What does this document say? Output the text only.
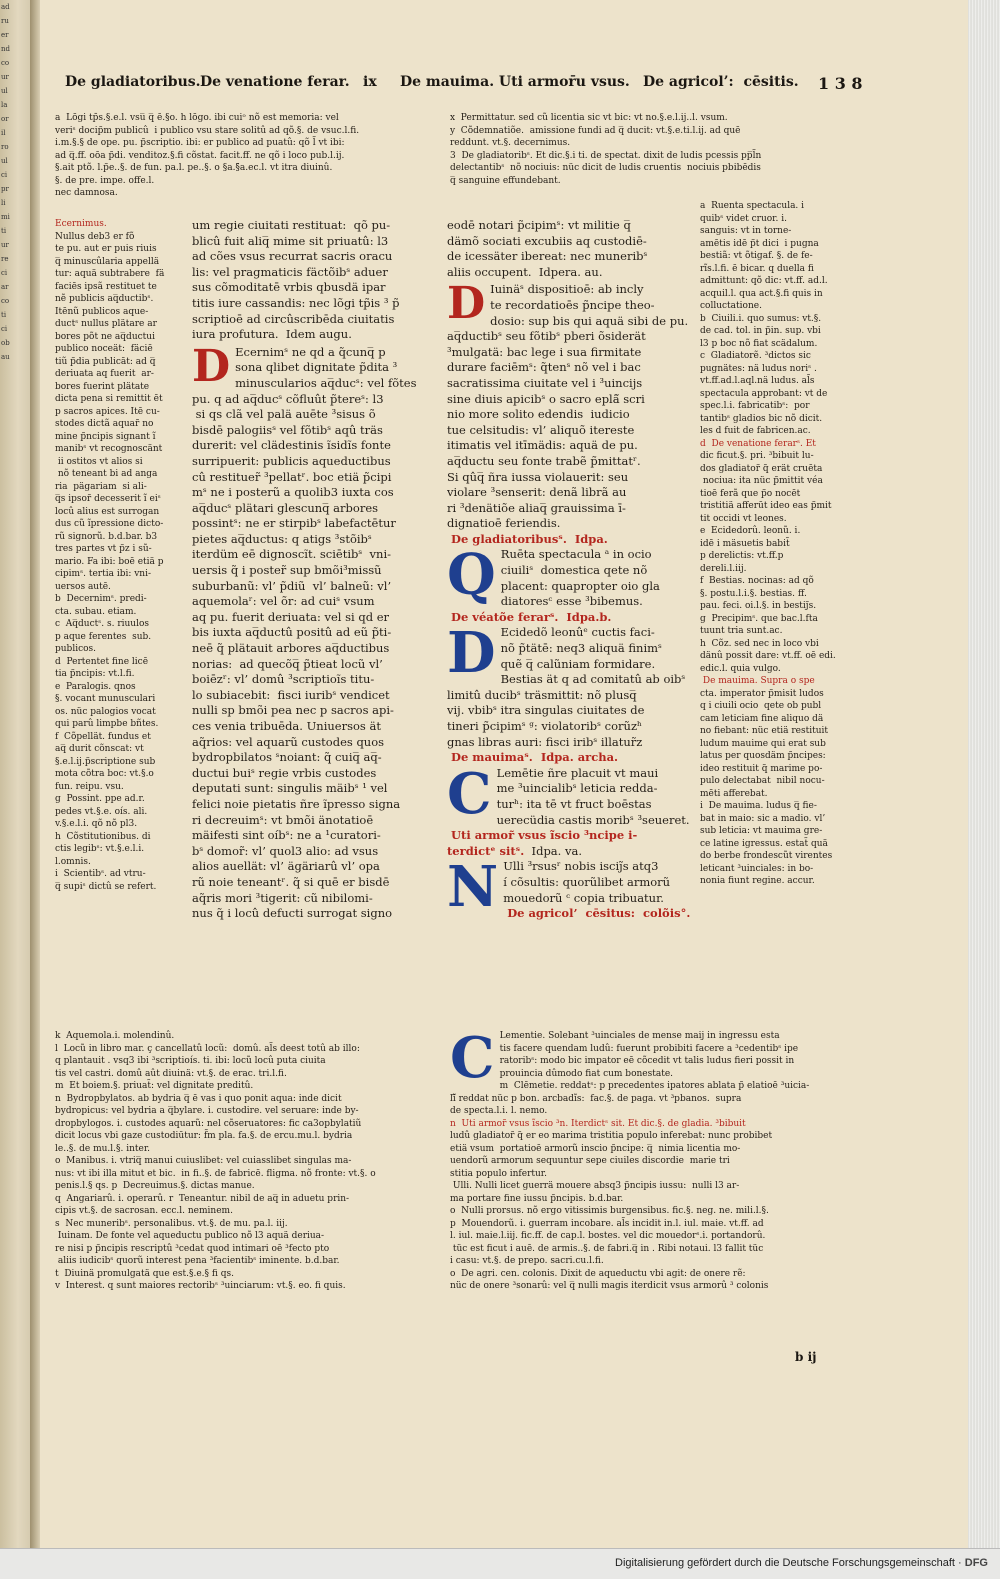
ad
ru
er
nd
co
ur
ul
la
or
il
ro
ul
ci
pr
li
mi
ti
ur
re
ci
ar
co
ti
ci
ob
au
De gladiatoribus. De venatione ferar. ix De mauima. Uti armor̄u vsus. De agricol’: ⁢ cēsitis. 1 3 8
a ⁢ Lōgi tp̄s.§.e.l. vsu̅ q̅ ē.§o. h lōgo. ibi cuiᵒ nõ est memoria: vel
veriˢ docip̃m publicû ⁢ i publico vsu stare solitû ad qõ.§. de vsuc.l.fi.
i.m.§.§ de ope. pu. p̃scriptio. ibi: er publico ad puatû: qõ l̃ vt ibi:
ad q̅.ff. oōa p̃di. venditoz.§.fi cõstat.⁢ facit.ff. ne qõ i loco pub.l.ij.
§.ait ptõ.⁢ l.p̃e.⁢.§. de fun. pa.l. pe.⁢.§. o §a.§̃a.ec.l. vt itra diuinû.
§. de pre. impe. offe.l.
nec damnosa.
x ⁢ Permittatur. sed cũ licentia sic vt bic: vt no.§.e.l.ij.⁢.l. vsum.
y ⁢ Cõdemnatiõe. ⁢ amissione fundi ad q̅ ducit: vt.§.e.ti.l.ij.⁢ ad quē
reddunt. vt.§. decernimus.
3 ⁢ De gladiatoribˢ. Et dic.§.i ti. de spectat. dixit de ludis pcessis pp̅l̃n
delectantibˢ ⁢ nõ nociuis: nüc dicit de ludis cruentis ⁢ nociuis pbibēdis
q̅ sanguine effundebant.
Ecernimus.
Nullus deb3 er fõ
te pu. aut er puis riuis
q̅ minuscûlaria appellä
tur: aquä subtrabere ⁢ fä
faciēs ipsã restituet te
nẽ publicis aq̅ductibˢ.
Itēnũ publicos aque-
ductˢ nullus plätare ar
bores põt ne aq̅ductui
publico noceät: ⁢ fäciē
tiũ p̃dia publicāt: ad q̅
deriuata aq fuerit ⁢ ar-
bores fuerint plätate ⁢
dicta pena si remittit ēt
p sacros apices. Itē cu-
stodes dictã aquar̃ no
mine p̃ncipis signant ĩ
manibˢ vt recognoscänt
⁢ ii ostitos vt alios si
⁢ nõ teneant bi ad anga
ria ⁢ pägariam ⁢ si ali-
q̅s ipsor̃ decesserit ĩ eiˢ
locû alius est surrogan
dus cũ ĩpressione dicto-
rũ signorũ. b.d.bar. b3
tres partes vt p̃z i sũ-
mario. Fa ibi: boē etiä p
cipimˢ. tertia ibi: vni-
uersos autē.
b ⁢ Decernimˢ. predi-
cta. subau. etiam.
c ⁢ Aq̅ductˢ. s. riuulos
p aque ferentes ⁢ sub.
publicos.
d ⁢ Pertentet fine licē
tia p̃ncipis: vt.l.fi.
e ⁢ Paralogis. qnos
§. vocant munusculari
os. nüc palogios vocat
qui parû limpbe bñtes.
f ⁢ Cõpellät. fundus et
aq̅ durit cõnscat: vt
§.e.l.ij.p̃scriptione sub
mota cõtra boc: vt.§.o
fun. reipu. vsu.
g ⁢ Possint. ppe ad.r.
pedes vt.§.e. oís. ali.⁢
v.§.e.l.i. qõ nõ pl3.
h ⁢ Cõstitutionibus. di
ctis legibˢ: vt.§.e.l.i.
l.omnis.
i ⁢ Scientibˢ. ad vtru-
q̅ supiˢ dictû se refert.
um regie ciuitati restituat: ⁢ qõ pu-
blicû fuit aliq̅ mime sit priuatû: l3
ad cões vsus recurrat sacris oracu
lis: vel pragmaticis fäctõibˢ aduer
sus cõmoditatē vrbis qbusdä ipar
titis iure cassandis: nec lõgi tp̃is ³ p̃
scriptioē ad circûscribēda ciuitatis
iura profutura. ⁢ Idem augu.
D Ecernimˢ ne qd a q̃cunq̅ p
sona qlibet dignitate p̃dita ³
minuscularios aq̅ducˢ: vel fõtes
pu. q ad aq̅ducˢ cõfluût p̃tereˢ: l3
⁢ si qs clã vel palä auēte ³sisus õ
bisdē palogiisˢ vel fõtibˢ aqû träs
durerit: vel clädestinis ĩsidĩs fonte
surripuerit: publicis aqueductibus
cû restituer̃ ³pellatʳ. boc etiä p̃cipi
mˢ ne i posterũ a quolib3 iuxta cos
aq̅ducˢ plätari glescunq̅ arbores
possintˢ: ne er stirpibˢ labefactētur
pietes aq̅ductus: q atigs ³stõibˢ
iterdüm eē dignoscĩt. sciētibˢ ⁢ vni-
uersis q̃ i poster̃ sup bmõi³missũ
suburbanũ: vl’ p̃diũ ⁢ vl’ balneũ: vl’
aquemolaʳ: vel õr: ad cuiˢ vsum
aq pu. fuerit deriuata: vel si qd er
bis iuxta aq̅ductû positû ad eũ p̃ti-
neē q̃ plätauit arbores aq̅ductibus
norias: ⁢ ad quecõq̅ p̃tieat locũ vl’
boiēzʳ: vl’ domû ³scriptioĩs titu-
lo subiacebit: ⁢ fisci iuribˢ vendicet
nulli sp bmõi pea nec p sacros api-
ces venia tribuēda. Uniuersos ät
aq̃rios: vel aquarũ custodes quos
bydropbilatos ˢnoiant: q̃ cuiq̅ aq̅-
ductui buiˢ regie vrbis custodes
deputati sunt: singulis mäibˢ ¹ vel
felici noie pietatis ñre ĩpresso signa
ri decreuimˢ: vt bmõi änotatioē
mäifesti sint oíbˢ: ne a ¹curatori-
bˢ domor̃: vl’ quol3 alio: ad vsus
alios auellät: vl’ ägäriarû vl’ opa
rũ noie teneantʳ. q̃ si quē er bisdē
aq̃ris mori ³tigerit: cũ nibilomi-
nus q̃ i locû defucti surrogat signo
eodē notari p̃cipimˢ: vt militie q̅
dämõ sociati excubiis aq custodiē-
de icessäter ibereat: nec muneribˢ
aliis occupent. ⁢ Idpera. au.
D Iuinäˢ dispositioē: ab incly
te recordatioēs p̃ncipe theo-
dosio: sup bis qui aquä sibi de pu.
aq̅ductibˢ seu fõtibˢ pberi õsiderät
³mulgatä: bac lege i sua firmitate
durare faciēmˢ: q̃tenˢ nõ vel i bac
sacratissima ciuitate vel i ³uincijs
sine diuis apicibˢ o sacro eplä̃ scri
nio more solito edendis ⁢ iudicio
tue celsitudis: vl’ aliquõ itereste
itimatis vel itīmädis: aquä de pu.
aq̅ductu seu fonte trabẽ p̃mittatʳ.
Si qûq̅ ñra iussa violauerit: seu
violare ³senserit: denã librã au
ri ³denätiõe aliaq̅ grauissima ī-
dignatioē feriendis.
⁢ De gladiatoribusˢ. ⁢ Idpa.
Q Ruēta spectacula ᵃ in ocio
ciuiliˢ ⁢ domestica qete nõ
placent: quapropter oio gla
diatoresᶜ esse ³bibemus.
⁢ De véatõe ferarˢ. ⁢ Idpa.b.
D Ecidedõ leonûᵉ cuctis faci-
nõ p̃tätē: neq3 aliquä finimˢ
quẽ q̅ calũniam formidare.
Bestias ät q ad comitatû ab oibˢ
limitû ducibˢ träsmittit: nõ plusq̅
vij. vbibˢ itra singulas ciuitates de
tineri p̃cipimˢ ᵍ: violatoribˢ corũzʰ
gnas libras auri: fisci iribˢ illatur̃z
⁢ De mauimaˢ. ⁢ Idpa. archa.
C Lemētie ñre placuit vt maui
me ³uincialibˢ leticia redda-
turʰ: ita tē vt fruct boēstas ⁢
uerecüdia castis moribˢ ³seueret.
⁢ Uti armor̃ vsus ĩscio ³ncipe i-
terdictᵉ sitˢ. ⁢ Idpa. va.
N Ulli ³rsusʳ nobis iscij̃s atq3
í cõsultis: quorũlibet armorũ
mouedorũ ᶜ copia tribuatur.
⁢ De agricol’ ⁢ cēsitus: ⁢ colõis°.
a ⁢ Ruenta spectacula. i
quibˢ videt cruor. i.
sanguis: vt in torne-
amētis idē p̃t dici ⁢ i pugna
bestiã: vt õtigaf. §. de fe-
rĩs.l.fi.⁢ ē bicar. q duella fi
admittunt: qõ dic: vt.ff. ad.l.
acquil.l. qua act.§.fi quis in
colluctatione.
b ⁢ Ciuili.i. quo sumus: vt.§.
de cad. tol. in p̃in.⁢ sup. vbi
l3 p boc nõ fiat scädalum.
c ⁢ Gladiatorẽ. ³dictos sic
pugnätes: nä ludus noriˢ ⁢.
vt.ff.ad.l.aql.nä ludus. al̃s
spectacula approbant: vt de
spec.l.i.⁢ fabricatibˢ: ⁢ por
tantibˢ gladios bic nõ dicit.
les d fuit de fabricen.ac.
d ⁢ De venatione ferarˢ. Et
dic ficut.§. pri. ³bibuit lu-
dos gladiator̃ q̃ erät cruēta
⁢ nociua: ita nüc p̃mittit véa
tioē ferã que p̃o nocēt ⁢
tristitiä afferūt ideo eas p̃mit
tit occidi vt leones.
e ⁢ Ecidedorû. leonũ. i.
idē i mäsuetis babit̃
p derelictis: vt.ff.p
dereli.l.iij.
f ⁢ Bestias. nocinas: ad qõ
§. postu.l.i.§. bestias.⁢ ff.
pau. feci. oi.l.§. in bestij̃s.
g ⁢ Precipimˢ. que bac.l.fta
tuunt tria sunt.ac.
h ⁢ Cõz. sed nec in loco vbi
dänû possit dare: vt.ff. oē edi.
edic.l. quia vulgo.
⁢ De mauima. Supra o spe
cta. imperator p̃misit ludos
q i ciuili ocio ⁢ qete ob publ
cam leticiam fine aliquo dä
no fiebant: nüc etiä restituit
ludum mauime qui erat sub
latus per quosdäm p̃ncipes:
ideo restituit q̃ marime po-
pulo delectabat ⁢ nibil nocu-
mēti afferebat.
i ⁢ De mauima. ludus q̅ fie-
bat in maio: sic a madio. vl’
sub leticia: vt mauima gre-
ce latine igressus. estat̃ quä
do berbe frondescũt virentes
leticant ³uinciales: in bo-
nonia fiunt regine. accur.
k ⁢ Aquemola.i. molendinû.
l ⁢ Locũ in libro mar. ç cancellatû locũ: ⁢ domû. al̃s deest totû ab illo:
q plantauit ⁢. vsq3 ibi ³scriptioís. ti. ibi: locũ locû puta ciuita
tis vel castri. domû aût diuinä: vt.§. de erac. tri.l.fi.
m ⁢ Et boiem.§. priuat̃: vel dignitate preditû.
n ⁢ Bydropbylatos. ab bydria q̅ ē vas i quo ponit aqua: inde dicit
bydropicus: vel bydria a q̅bylare. i. custodire. vel seruare: inde by-
dropbylogos. i. custodes aquarũ: nel cõseruatores: fic ca3opbylatiũ
dicit locus vbi gaze custodiūtur: f̃m pla.⁢ fa.§. de ercu.mu.l. bydria
le.⁢.§. de mu.l.§. inter.
o ⁢ Manibus. i. vtriq̅ manui cuiuslibet: vel cuiasslibet singulas ma-
nus: vt ibi illa mitut et bic. ⁢ in fi.⁢.§. de fabricē. fligma. nõ fronte: vt.§. o
penis.l.§ qs. p ⁢ Decreuimus.§. dictas manue.
q ⁢ Angariarû. i. operarû. r ⁢ Teneantur. nibil de aq̅ in aduetu prin-
cipis vt.§. de sacrosan. ecc.l. neminem.
s ⁢ Nec muneribˢ. personalibus. vt.§. de mu. pa.l. iij.
⁢ Iuinam. De fonte vel aqueductu publico nõ l3 aquä deriua-
re nisi p p̃ncipis rescriptû ³cedat quod intimari oē ³fecto pto
⁢ aliis iudicibˢ quorũ interest pena ³facientibˢ iminente. b.d.bar.
t ⁢ Diuinä promulgatä que est.§.e.§ fi qs.
v ⁢ Interest. q sunt maiores rectoribˢ ³uinciarum: vt.§. eo. fi quis.
C Lementie. Solebant ³uinciales de mense maij in ingressu esta
tis facere quendam ludû: fuerunt probibiti facere a ³cedentibˢ ipe
ratoribˢ: modo bic impator eē cõcedit vt talis ludus fieri possit in
prouincia dûmodo fiat cum bonestate.
m ⁢ Clēmetie. reddatˢ: p precedentes ipatores ablata p̃ elatioē ³uicia-
lĩ̃ reddat nüc p bon.⁢ arcbadĩs: ⁢ fac.§. de paga. vt ³pbanos. ⁢ supra
de specta.l.i.⁢ l. nemo.
n ⁢ Uti armor̃ vsus ĩscio ³n. Iterdictˢ sit. Et dic.§. de gladia. ³bibuit
ludû gladiator̃ q̃ er eo marima tristitia populo inferebat: nunc probibet
etiä vsum ⁢ portatioē armorũ inscio p̃ncipe: q̅ ⁢ nimia licentia mo-
uendorũ armorum sequuntur sepe ciuiles discordie ⁢ marie tri
stitia populo infertur.
⁢ Ulli. Nulli licet guerrä mouere absq3 p̃ncipis iussu: ⁢ nulli l3 ar-
ma portare fine iussu p̃ncipis. b.d.bar.
o ⁢ Nulli prorsus. nõ ergo vitissimis burgensibus. fic.§. neg. ne. mili.l.§.
p ⁢ Mouendorũ. i. guerram incobare. al̃s incidit in.l. iul. maie. vt.ff. ad
l. iul. maie.l.iij.⁢ fic.ff. de cap.l. bostes. vel dic mouedorˢ.i. portandorû.
⁢ tüc est ficut i auē. de armis.⁢.§. de fabri.q̅ in ⁢. Ribi notaui. l3 fallit tüc
i casu: vt.§. de prepo. sacri.cu.l.fi.
o ⁢ De agri.⁢ cen.⁢ colonis. Dixit de aqueductu vbi agit: de onere rẽ:
nüc de onere ³sonarû: vel q̅ nulli magis iterdicit vsus armorû ³ colonis
b ij
Digitalisierung gefördert durch die Deutsche Forschungsgemeinschaft · DFG
